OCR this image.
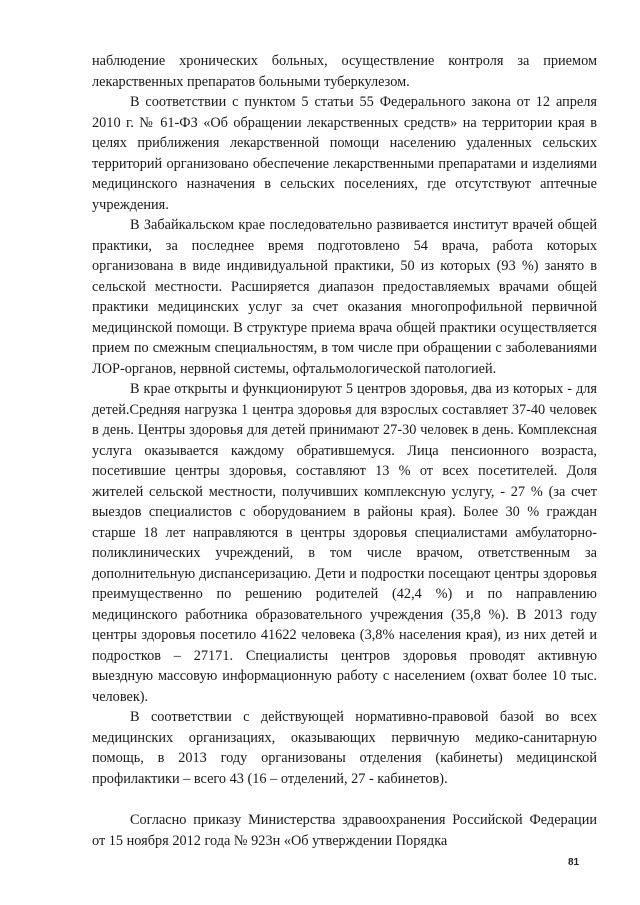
наблюдение хронических больных, осуществление контроля за приемом лекарственных препаратов больными туберкулезом.

В соответствии с пунктом 5 статьи 55 Федерального закона от 12 апреля 2010 г. № 61-ФЗ «Об обращении лекарственных средств» на территории края в целях приближения лекарственной помощи населению удаленных сельских территорий организовано обеспечение лекарственными препаратами и изделиями медицинского назначения в сельских поселениях, где отсутствуют аптечные учреждения.

В Забайкальском крае последовательно развивается институт врачей общей практики, за последнее время подготовлено 54 врача, работа которых организована в виде индивидуальной практики, 50 из которых (93 %) занято в сельской местности. Расширяется диапазон предоставляемых врачами общей практики медицинских услуг за счет оказания многопрофильной первичной медицинской помощи. В структуре приема врача общей практики осуществляется прием по смежным специальностям, в том числе при обращении с заболеваниями ЛОР-органов, нервной системы, офтальмологической патологией.

В крае открыты и функционируют 5 центров здоровья, два из которых - для детей.Средняя нагрузка 1 центра здоровья для взрослых составляет 37-40 человек в день. Центры здоровья для детей принимают 27-30 человек в день. Комплексная услуга оказывается каждому обратившемуся. Лица пенсионного возраста, посетившие центры здоровья, составляют 13 % от всех посетителей. Доля жителей сельской местности, получивших комплексную услугу, - 27 % (за счет выездов специалистов с оборудованием в районы края). Более 30 % граждан старше 18 лет направляются в центры здоровья специалистами амбулаторно-поликлинических учреждений, в том числе врачом, ответственным за дополнительную диспансеризацию. Дети и подростки посещают центры здоровья преимущественно по решению родителей (42,4 %) и по направлению медицинского работника образовательного учреждения (35,8 %). В 2013 году центры здоровья посетило 41622 человека (3,8% населения края), из них детей и подростков – 27171. Специалисты центров здоровья проводят активную выездную массовую информационную работу с населением (охват более 10 тыс. человек).

В соответствии с действующей нормативно-правовой базой во всех медицинских организациях, оказывающих первичную медико-санитарную помощь, в 2013 году организованы отделения (кабинеты) медицинской профилактики – всего 43 (16 – отделений, 27 - кабинетов).

Согласно приказу Министерства здравоохранения Российской Федерации от 15 ноября 2012 года № 923н «Об утверждении Порядка

81
